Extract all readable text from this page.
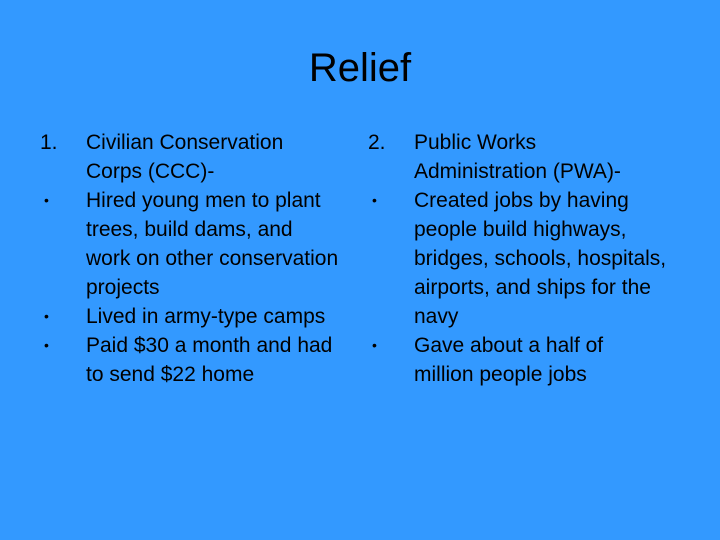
Relief
1.	Civilian Conservation Corps (CCC)-
•	Hired young men to plant trees, build dams, and work on other conservation projects
•	Lived in army-type camps
•	Paid $30 a month and had to send $22 home
2.	Public Works Administration (PWA)-
•	Created jobs by having people build highways, bridges, schools, hospitals, airports, and ships for the navy
•	Gave about a half of million people jobs
